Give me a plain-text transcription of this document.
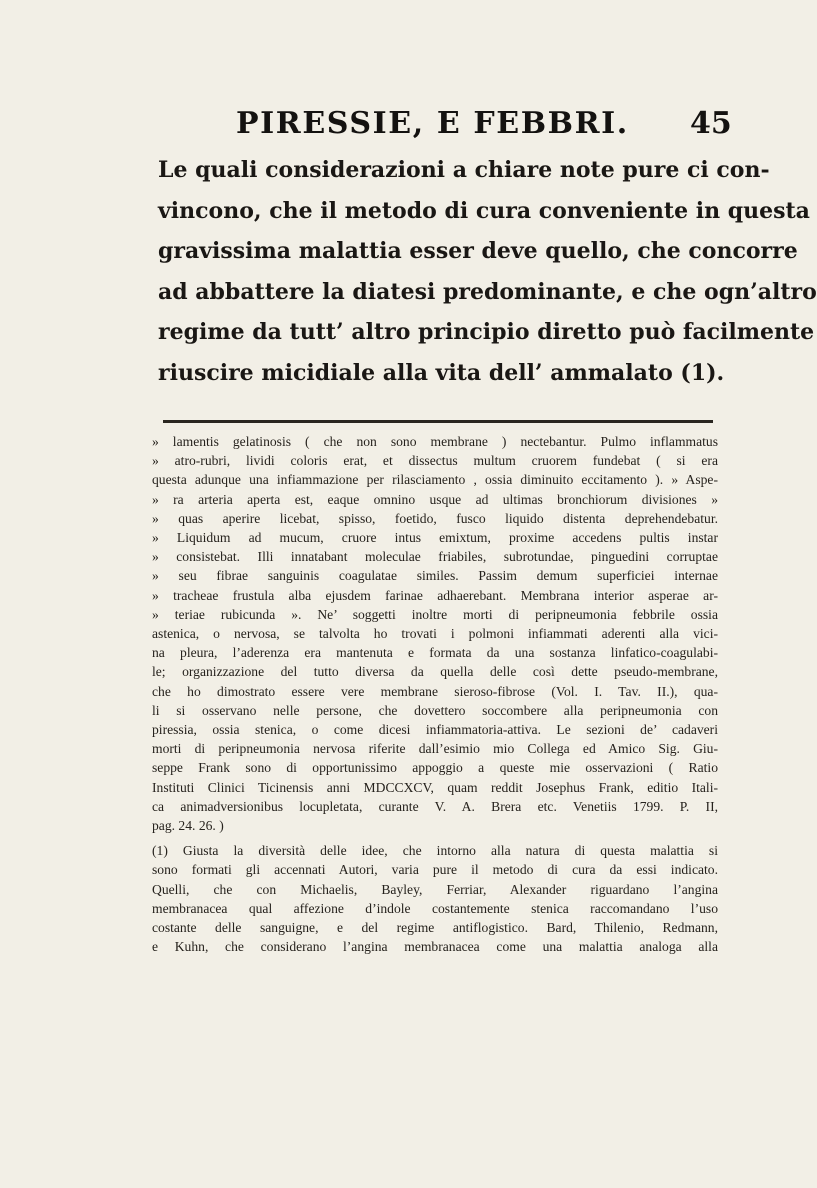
PIRESSIE, E FEBBRI. 45
Le quali considerazioni a chiare note pure ci con-
vincono, che il metodo di cura conveniente in questa
gravissima malattia esser deve quello, che concorre
ad abbattere la diatesi predominante, e che ogn’altro
regime da tutt’ altro principio diretto può facilmente
riuscire micidiale alla vita dell’ ammalato (1).
» lamentis gelatinosis ( che non sono membrane ) nectebantur. Pulmo inflammatus
» atro-rubri, lividi coloris erat, et dissectus multum cruorem fundebat ( si era
questa adunque una infiammazione per rilasciamento , ossia diminuito eccitamento ). » Aspe-
» ra arteria aperta est, eaque omnino usque ad ultimas bronchiorum divisiones »
» quas aperire licebat, spisso, foetido, fusco liquido distenta deprehendebatur.
» Liquidum ad mucum, cruore intus emixtum, proxime accedens pultis instar
» consistebat. Illi innatabant moleculae friabiles, subrotundae, pinguedini corruptae
» seu fibrae sanguinis coagulatae similes. Passim demum superficiei internae
» tracheae frustula alba ejusdem farinae adhaerebant. Membrana interior asperae ar-
» teriae rubicunda ». Ne’ soggetti inoltre morti di peripneumonia febbrile ossia
astenica, o nervosa, se talvolta ho trovati i polmoni infiammati aderenti alla vici-
na pleura, l’aderenza era mantenuta e formata da una sostanza linfatico-coagulabi-
le; organizzazione del tutto diversa da quella delle così dette pseudo-membrane,
che ho dimostrato essere vere membrane sieroso-fibrose (Vol. I. Tav. II.), qua-
li si osservano nelle persone, che dovettero soccombere alla peripneumonia con
piressia, ossia stenica, o come dicesi infiammatoria-attiva. Le sezioni de’ cadaveri
morti di peripneumonia nervosa riferite dall’esimio mio Collega ed Amico Sig. Giu-
seppe Frank sono di opportunissimo appoggio a queste mie osservazioni ( Ratio
Instituti Clinici Ticinensis anni MDCCXCV, quam reddit Josephus Frank, editio Itali-
ca animadversionibus locupletata, curante V. A. Brera etc. Venetiis 1799. P. II,
pag. 24. 26. )
(1) Giusta la diversità delle idee, che intorno alla natura di questa malattia si
sono formati gli accennati Autori, varia pure il metodo di cura da essi indicato.
Quelli, che con Michaelis, Bayley, Ferriar, Alexander riguardano l’angina
membranacea qual affezione d’indole costantemente stenica raccomandano l’uso
costante delle sanguigne, e del regime antiflogistico. Bard, Thilenio, Redmann,
e Kuhn, che considerano l’angina membranacea come una malattia analoga alla
